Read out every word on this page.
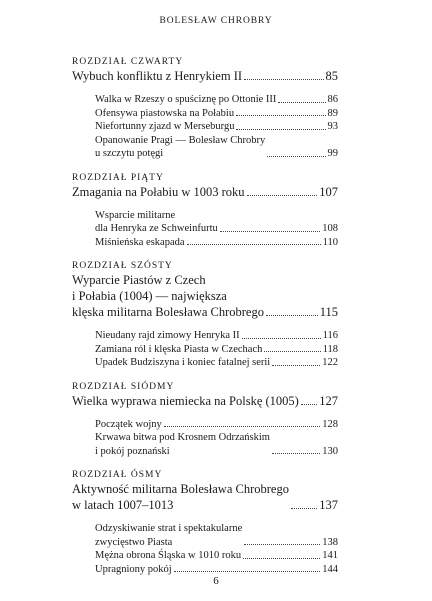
BOLESŁAW CHROBRY
ROZDZIAŁ CZWARTY
Wybuch konfliktu z Henrykiem II	85
Walka w Rzeszy o spuściznę po Ottonie III	86
Ofensywa piastowska na Połabiu	89
Niefortunny zjazd w Merseburgu	93
Opanowanie Pragi — Bolesław Chrobry
u szczytu potęgi	99
ROZDZIAŁ PIĄTY
Zmagania na Połabiu w 1003 roku	107
Wsparcie militarne
dla Henryka ze Schweinfurtu	108
Miśnieńska eskapada	110
ROZDZIAŁ SZÓSTY
Wyparcie Piastów z Czech
i Połabia (1004) — największa
klęska militarna Bolesława Chrobrego	115
Nieudany rajd zimowy Henryka II	116
Zamiana ról i klęska Piasta w Czechach	118
Upadek Budziszyna i koniec fatalnej serii	122
ROZDZIAŁ SIÓDMY
Wielka wyprawa niemiecka na Polskę (1005) 127
Początek wojny	128
Krwawa bitwa pod Krosnem Odrzańskim
i pokój poznański	130
ROZDZIAŁ ÓSMY
Aktywność militarna Bolesława Chrobrego
w latach 1007–1013	137
Odzyskiwanie strat i spektakularne
zwycięstwo Piasta	138
Mężna obrona Śląska w 1010 roku	141
Upragniony pokój	144
6
